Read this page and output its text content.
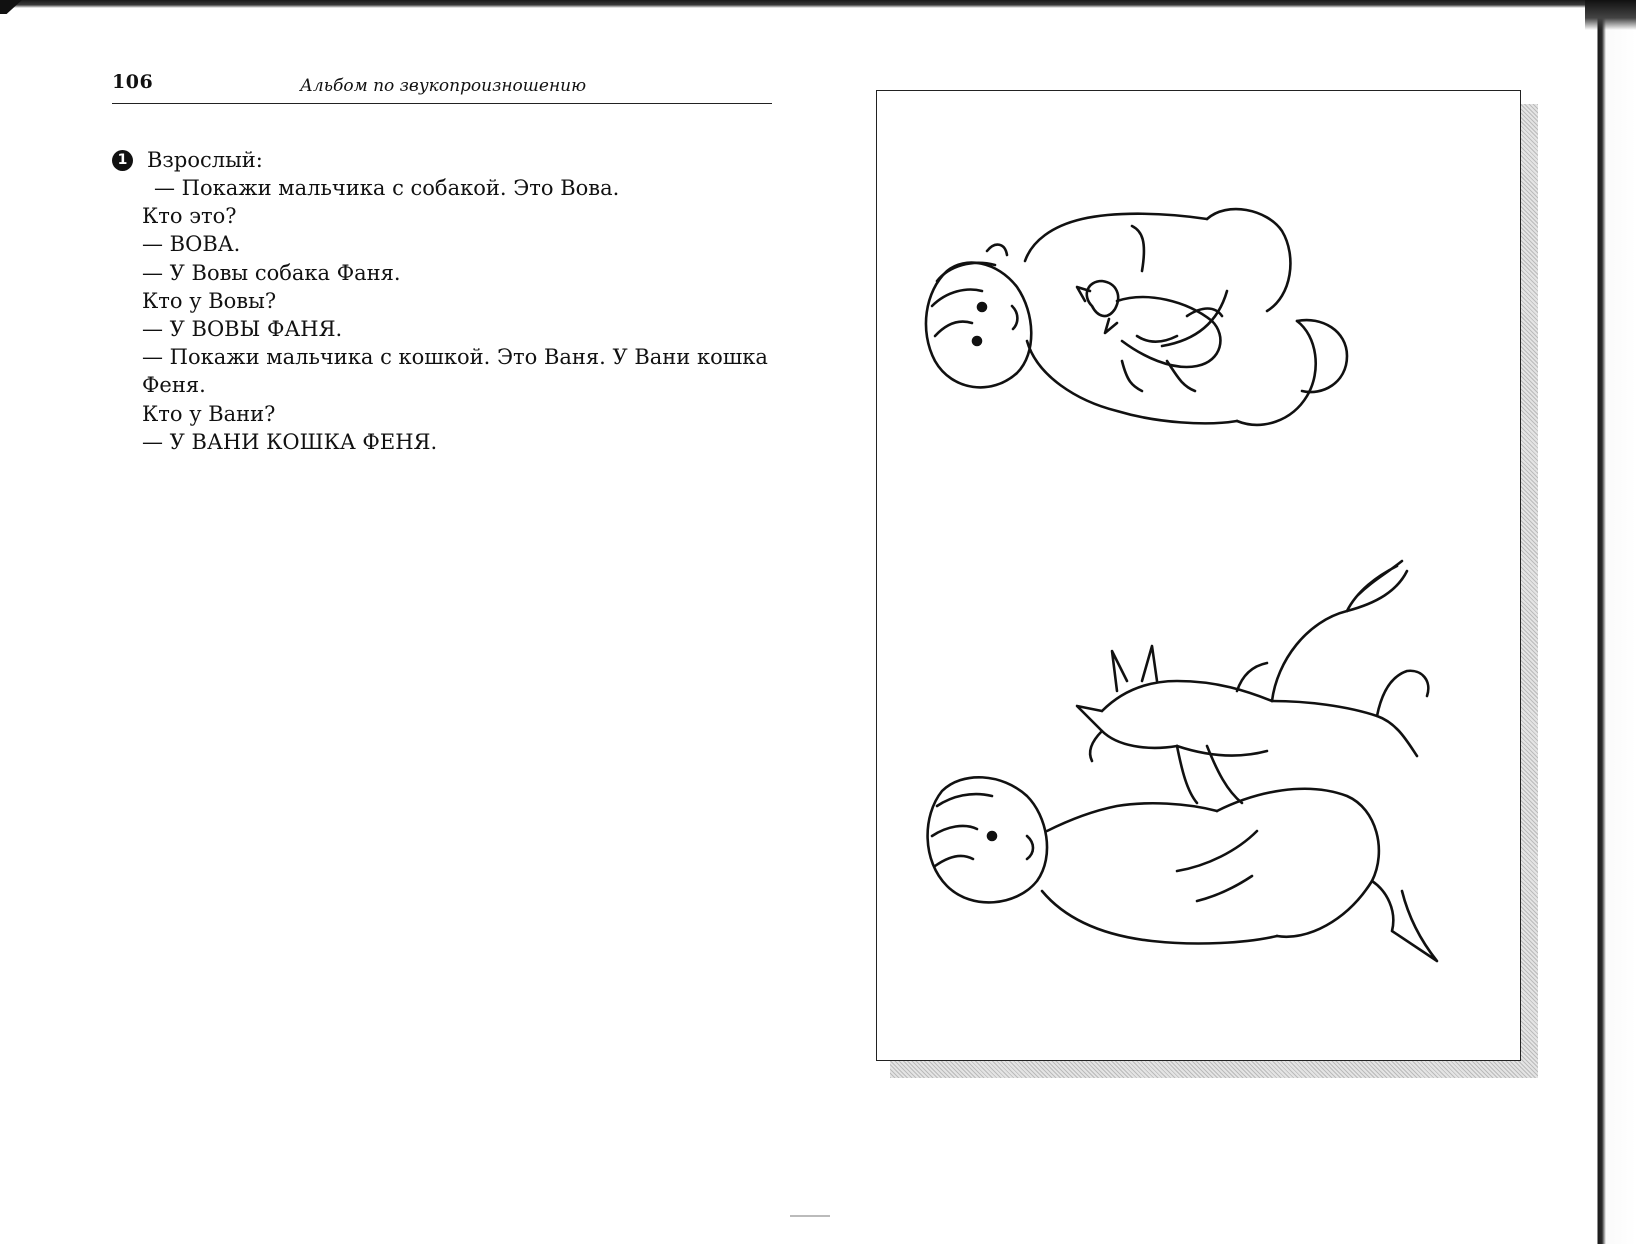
106	Альбом по звукопроизношению
1 Взрослый:
— Покажи мальчика с собакой. Это Вова.
Кто это?
— ВОВА.
— У Вовы собака Фаня.
Кто у Вовы?
— У ВОВЫ ФАНЯ.
— Покажи мальчика с кошкой. Это Ваня. У Вани кошка
Феня.
Кто у Вани?
— У ВАНИ КОШКА ФЕНЯ.
